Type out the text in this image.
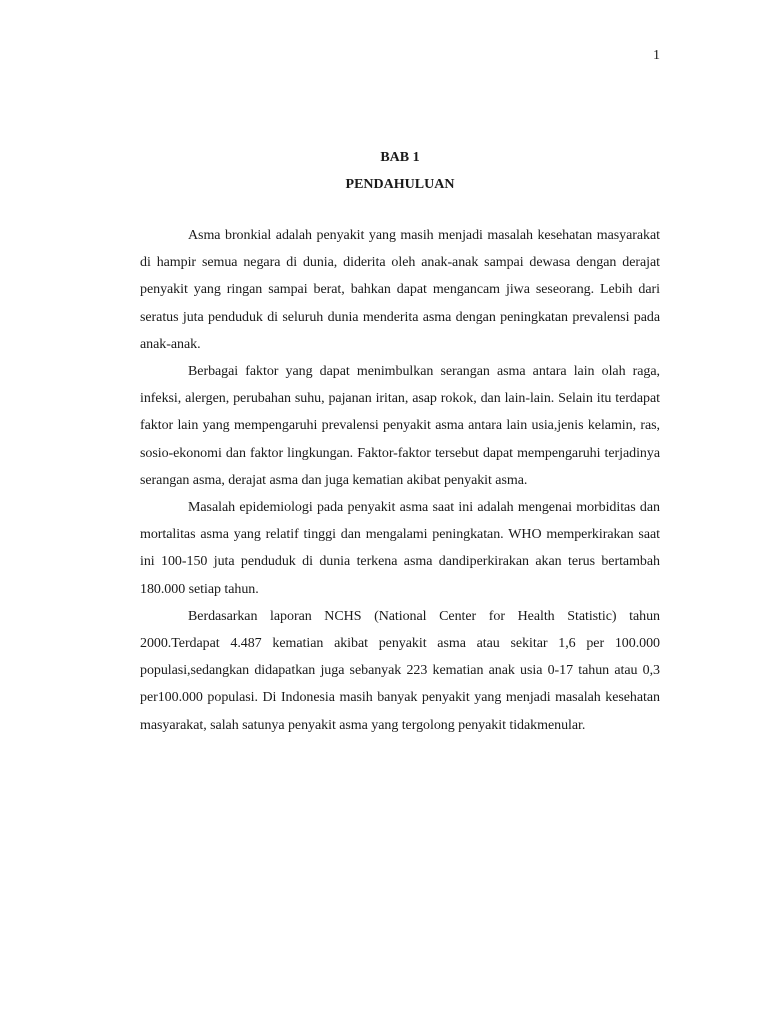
1
BAB 1
PENDAHULUAN

Asma bronkial adalah penyakit yang masih menjadi masalah kesehatan masyarakat di hampir semua negara di dunia, diderita oleh anak-anak sampai dewasa dengan derajat penyakit yang ringan sampai berat, bahkan dapat mengancam jiwa seseorang. Lebih dari seratus juta penduduk di seluruh dunia menderita asma dengan peningkatan prevalensi pada anak-anak.

Berbagai faktor yang dapat menimbulkan serangan asma antara lain olah raga, infeksi, alergen, perubahan suhu, pajanan iritan, asap rokok, dan lain-lain. Selain itu terdapat faktor lain yang mempengaruhi prevalensi penyakit asma antara lain usia,jenis kelamin, ras, sosio-ekonomi dan faktor lingkungan. Faktor-faktor tersebut dapat mempengaruhi terjadinya serangan asma, derajat asma dan juga kematian akibat penyakit asma.

Masalah epidemiologi pada penyakit asma saat ini adalah mengenai morbiditas dan mortalitas asma yang relatif tinggi dan mengalami peningkatan. WHO memperkirakan saat ini 100-150 juta penduduk di dunia terkena asma dandiperkirakan akan terus bertambah 180.000 setiap tahun.

Berdasarkan laporan NCHS (National Center for Health Statistic) tahun 2000.Terdapat 4.487 kematian akibat penyakit asma atau sekitar 1,6 per 100.000 populasi,sedangkan didapatkan juga sebanyak 223 kematian anak usia 0-17 tahun atau 0,3 per100.000 populasi. Di Indonesia masih banyak penyakit yang menjadi masalah kesehatan masyarakat, salah satunya penyakit asma yang tergolong penyakit tidakmenular.
